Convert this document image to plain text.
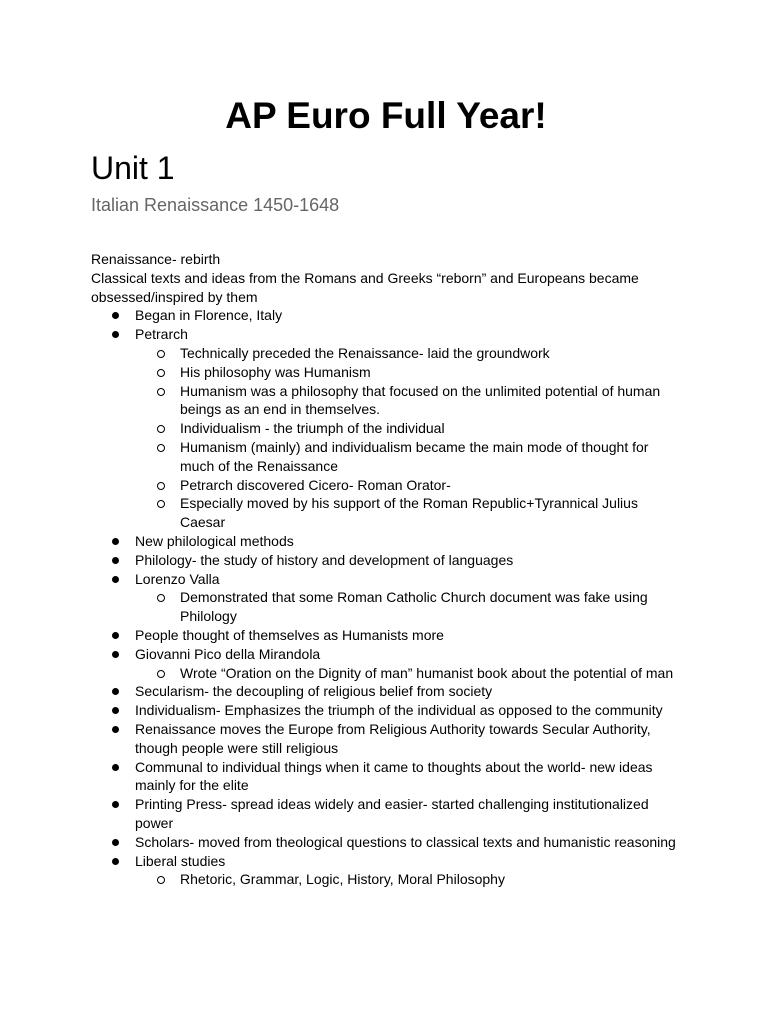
AP Euro Full Year!
Unit 1
Italian Renaissance 1450-1648

Renaissance- rebirth

Classical texts and ideas from the Romans and Greeks “reborn” and Europeans became obsessed/inspired by them

Began in Florence, Italy
Petrarch
Technically preceded the Renaissance- laid the groundwork
His philosophy was Humanism
Humanism was a philosophy that focused on the unlimited potential of human beings as an end in themselves.
Individualism - the triumph of the individual
Humanism (mainly) and individualism became the main mode of thought for much of the Renaissance
Petrarch discovered Cicero- Roman Orator-
Especially moved by his support of the Roman Republic+Tyrannical Julius Caesar
New philological methods
Philology- the study of history and development of languages
Lorenzo Valla
Demonstrated that some Roman Catholic Church document was fake using Philology
People thought of themselves as Humanists more
Giovanni Pico della Mirandola
Wrote “Oration on the Dignity of man” humanist book about the potential of man
Secularism- the decoupling of religious belief from society
Individualism- Emphasizes the triumph of the individual as opposed to the community
Renaissance moves the Europe from Religious Authority towards Secular Authority, though people were still religious
Communal to individual things when it came to thoughts about the world- new ideas mainly for the elite
Printing Press- spread ideas widely and easier- started challenging institutionalized power
Scholars- moved from theological questions to classical texts and humanistic reasoning
Liberal studies
Rhetoric, Grammar, Logic, History, Moral Philosophy
